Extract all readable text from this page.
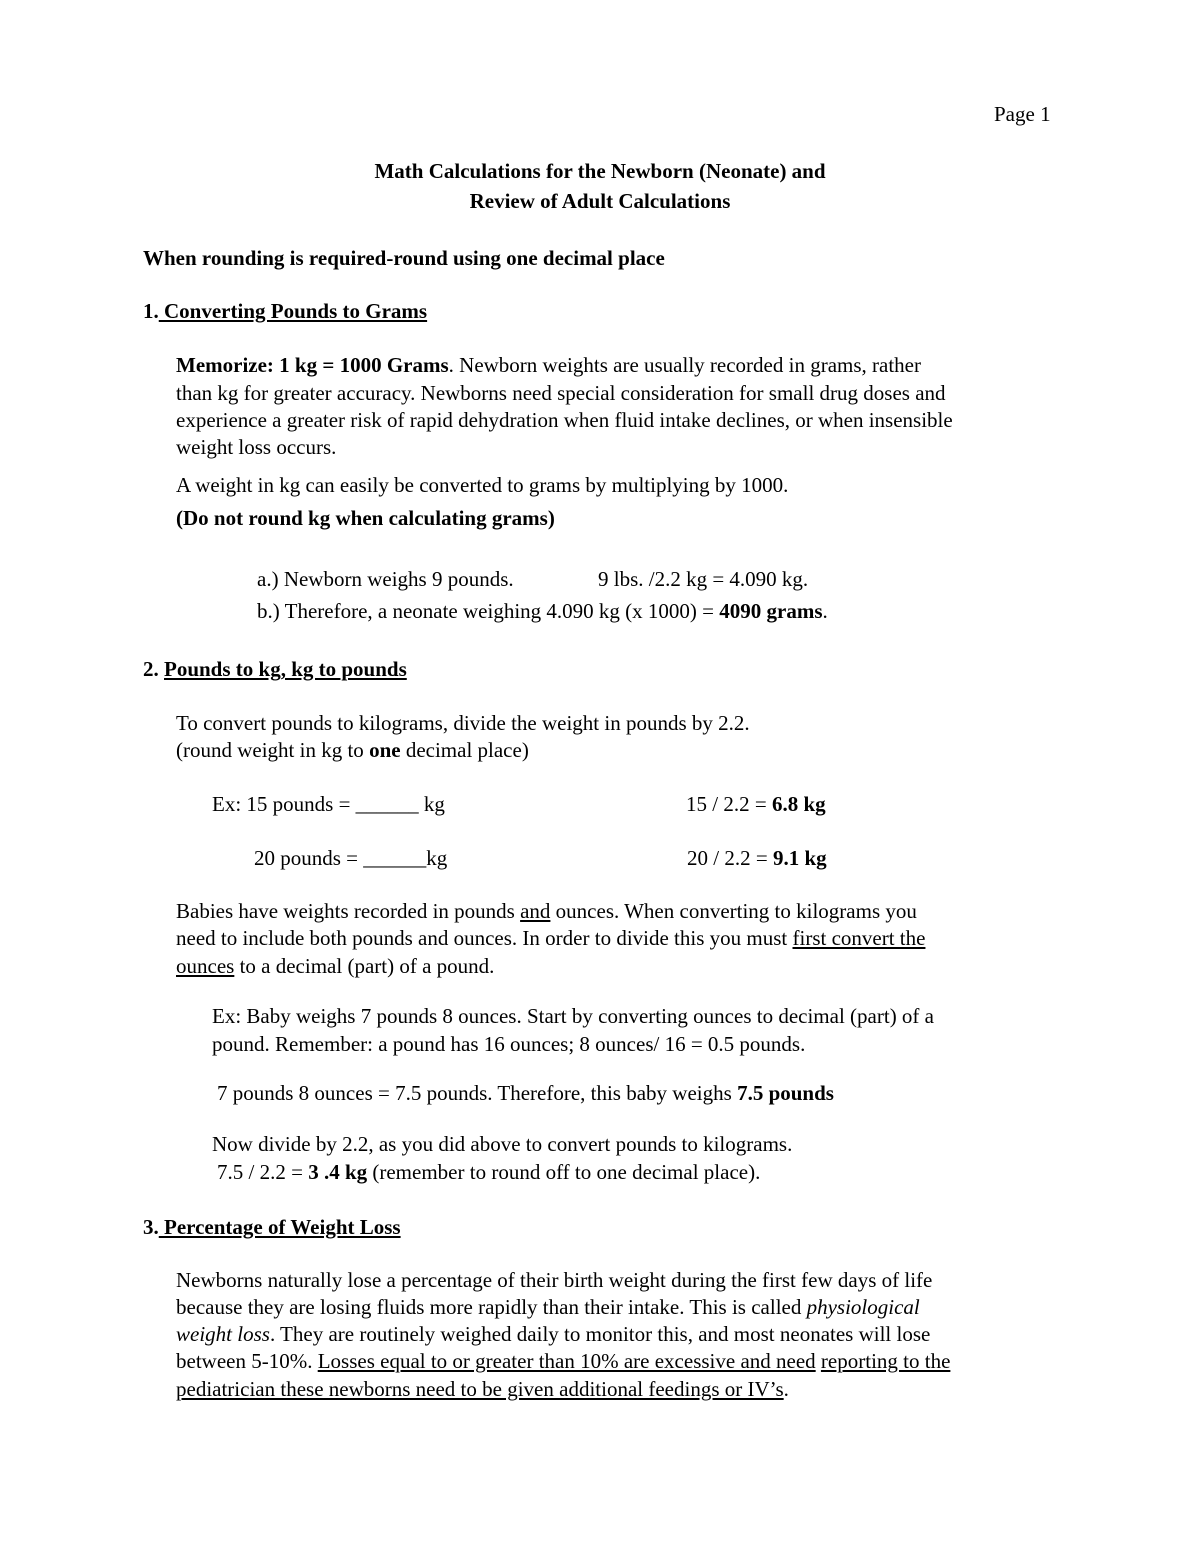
Page 1
Math Calculations for the Newborn (Neonate) and
Review of Adult Calculations
When rounding is required-round using one decimal place
1. Converting Pounds to Grams
Memorize: 1 kg = 1000 Grams. Newborn weights are usually recorded in grams, rather
than kg for greater accuracy. Newborns need special consideration for small drug doses and
experience a greater risk of rapid dehydration when fluid intake declines, or when insensible
weight loss occurs.
A weight in kg can easily be converted to grams by multiplying by 1000.
(Do not round kg when calculating grams)
a.) Newborn weighs 9 pounds.	9 lbs. /2.2 kg = 4.090 kg.
b.) Therefore, a neonate weighing 4.090 kg (x 1000) = 4090 grams.
2. Pounds to kg, kg to pounds
To convert pounds to kilograms, divide the weight in pounds by 2.2.
(round weight in kg to one decimal place)
Ex: 15 pounds = ______ kg	15 / 2.2 = 6.8 kg
20 pounds = ______kg	20 / 2.2 = 9.1 kg
Babies have weights recorded in pounds and ounces. When converting to kilograms you
need to include both pounds and ounces. In order to divide this you must first convert the
ounces to a decimal (part) of a pound.
Ex: Baby weighs 7 pounds 8 ounces. Start by converting ounces to decimal (part) of a
pound. Remember: a pound has 16 ounces; 8 ounces/ 16 = 0.5 pounds.
7 pounds 8 ounces = 7.5 pounds. Therefore, this baby weighs 7.5 pounds
Now divide by 2.2, as you did above to convert pounds to kilograms.
7.5 / 2.2 = 3 .4 kg (remember to round off to one decimal place).
3. Percentage of Weight Loss
Newborns naturally lose a percentage of their birth weight during the first few days of life
because they are losing fluids more rapidly than their intake. This is called physiological
weight loss. They are routinely weighed daily to monitor this, and most neonates will lose
between 5-10%. Losses equal to or greater than 10% are excessive and need reporting to the
pediatrician these newborns need to be given additional feedings or IV’s.
